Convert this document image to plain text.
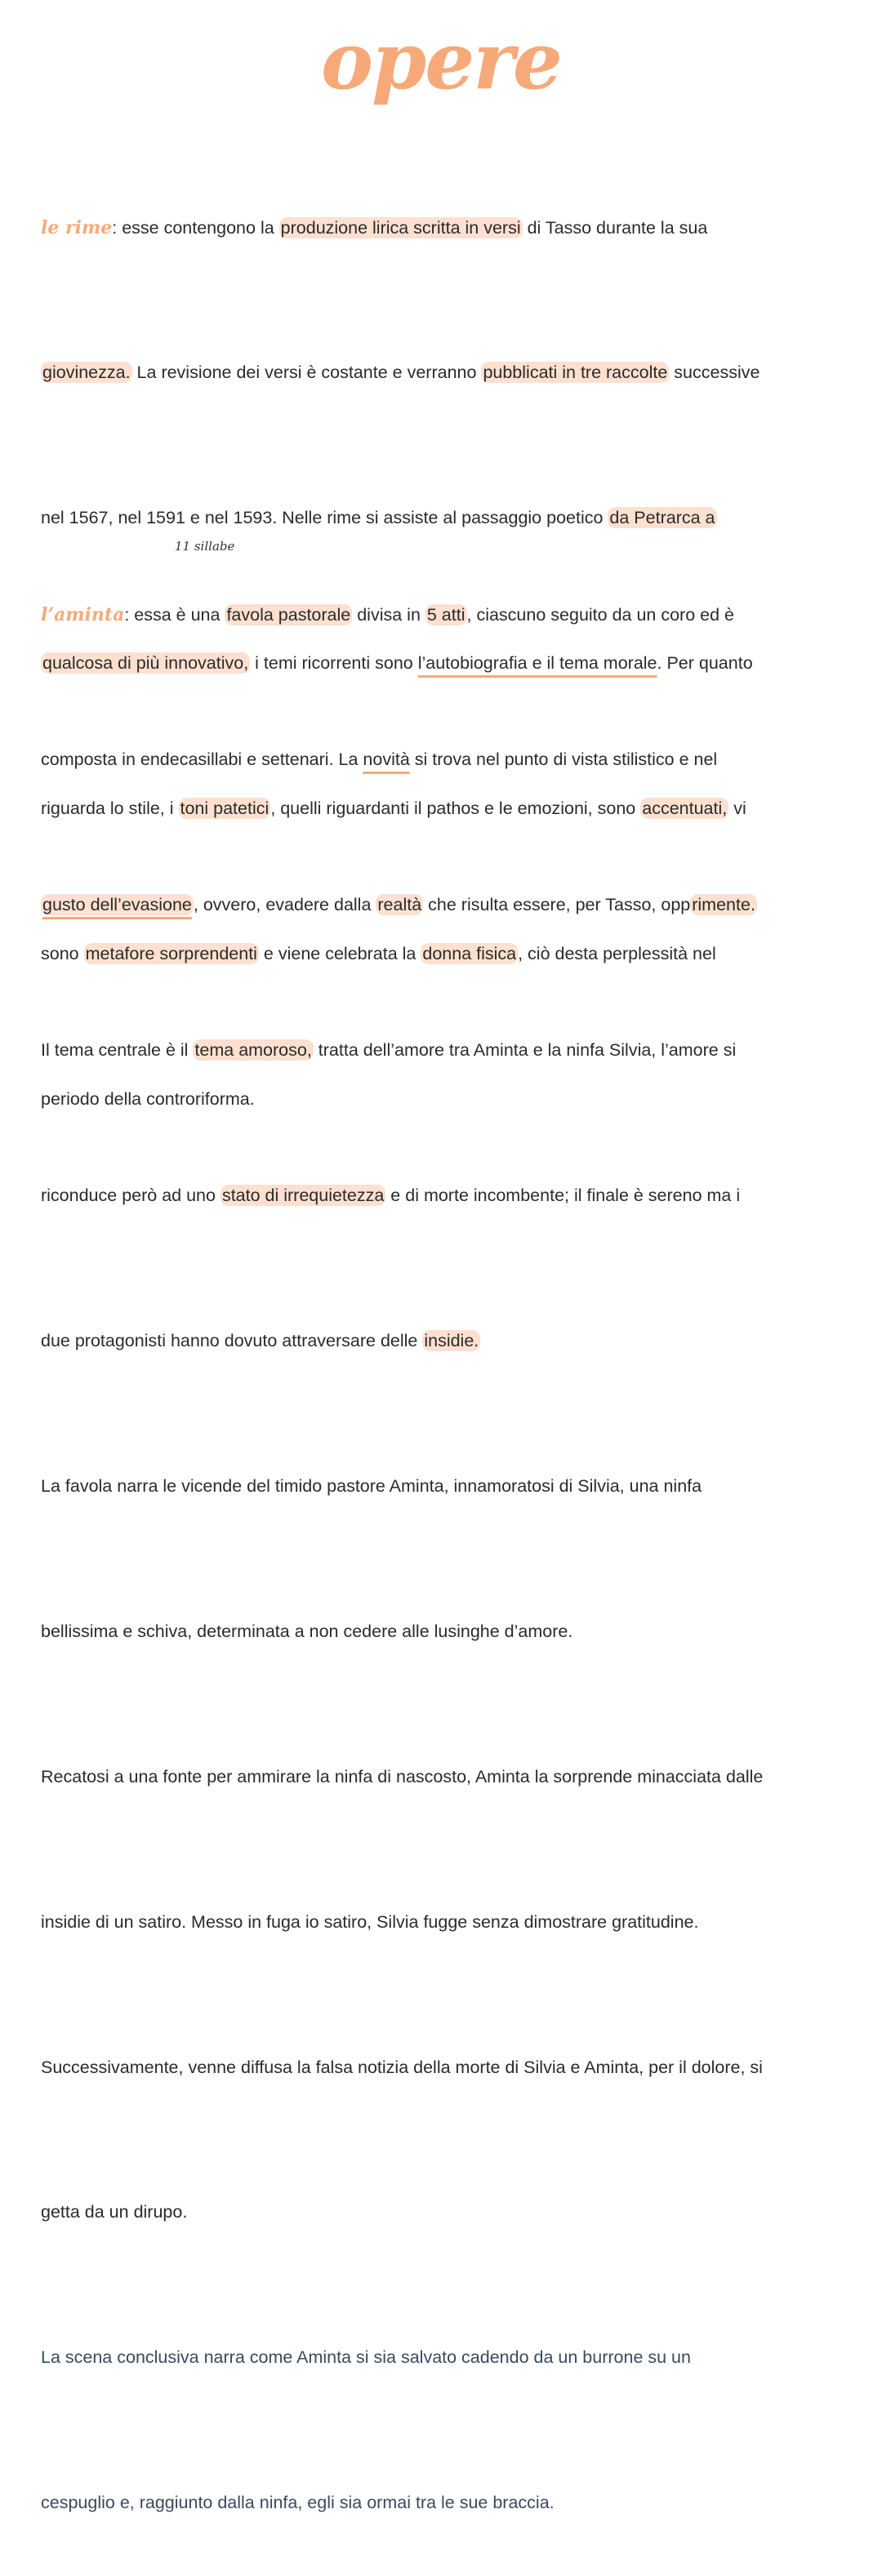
opere

le rime: esse contengono la produzione lirica scritta in versi di Tasso durante la sua

giovinezza. La revisione dei versi è costante e verranno pubblicati in tre raccolte successive

nel 1567, nel 1591 e nel 1593. Nelle rime si assiste al passaggio poetico da Petrarca a

qualcosa di più innovativo, i temi ricorrenti sono l’autobiografia e il tema morale. Per quanto

riguarda lo stile, i toni patetici, quelli riguardanti il pathos e le emozioni, sono accentuati, vi

sono metafore sorprendenti e viene celebrata la donna fisica, ciò desta perplessità nel

periodo della controriforma.

11 sillabe

l’aminta: essa è una favola pastorale divisa in 5 atti, ciascuno seguito da un coro ed è

composta in endecasillabi e settenari. La novità si trova nel punto di vista stilistico e nel

gusto dell’evasione, ovvero, evadere dalla realtà che risulta essere, per Tasso, opprimente.

Il tema centrale è il tema amoroso, tratta dell’amore tra Aminta e la ninfa Silvia, l’amore si

riconduce però ad uno stato di irrequietezza e di morte incombente; il finale è sereno ma i

due protagonisti hanno dovuto attraversare delle insidie.

La favola narra le vicende del timido pastore Aminta, innamoratosi di Silvia, una ninfa

bellissima e schiva, determinata a non cedere alle lusinghe d’amore.

Recatosi a una fonte per ammirare la ninfa di nascosto, Aminta la sorprende minacciata dalle

insidie di un satiro. Messo in fuga io satiro, Silvia fugge senza dimostrare gratitudine.

Successivamente, venne diffusa la falsa notizia della morte di Silvia e Aminta, per il dolore, si

getta da un dirupo.

La scena conclusiva narra come Aminta si sia salvato cadendo da un burrone su un

cespuglio e, raggiunto dalla ninfa, egli sia ormai tra le sue braccia.
